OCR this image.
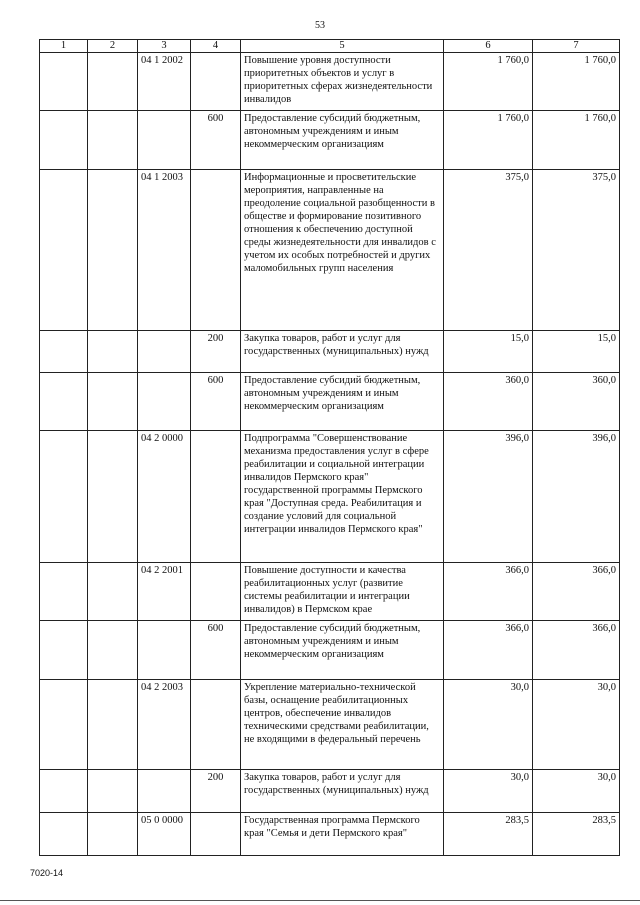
53
1	2	3	4	5	6	7
		04 1 2002		Повышение уровня доступности приоритетных объектов и услуг в приоритетных сферах жизнедеятельности инвалидов	1 760,0	1 760,0
			600	Предоставление субсидий бюджетным, автономным учреждениям и иным некоммерческим организациям	1 760,0	1 760,0
		04 1 2003		Информационные и просветительские мероприятия, направленные на преодоление социальной разобщенности в обществе и формирование позитивного отношения к обеспечению доступной среды жизнедеятельности для инвалидов с учетом их особых потребностей и других маломобильных групп населения	375,0	375,0
			200	Закупка товаров, работ и услуг для государственных (муниципальных) нужд	15,0	15,0
			600	Предоставление субсидий бюджетным, автономным учреждениям и иным некоммерческим организациям	360,0	360,0
		04 2 0000		Подпрограмма "Совершенствование механизма предоставления услуг в сфере реабилитации и социальной интеграции инвалидов Пермского края" государственной программы Пермского края "Доступная среда. Реабилитация и создание условий для социальной интеграции инвалидов Пермского края"	396,0	396,0
		04 2 2001		Повышение доступности и качества реабилитационных услуг (развитие системы реабилитации и интеграции инвалидов) в Пермском крае	366,0	366,0
			600	Предоставление субсидий бюджетным, автономным учреждениям и иным некоммерческим организациям	366,0	366,0
		04 2 2003		Укрепление материально-технической базы, оснащение реабилитационных центров, обеспечение инвалидов техническими средствами реабилитации, не входящими в федеральный перечень	30,0	30,0
			200	Закупка товаров, работ и услуг для государственных (муниципальных) нужд	30,0	30,0
		05 0 0000		Государственная программа Пермского края "Семья и дети Пермского края"	283,5	283,5
7020-14
